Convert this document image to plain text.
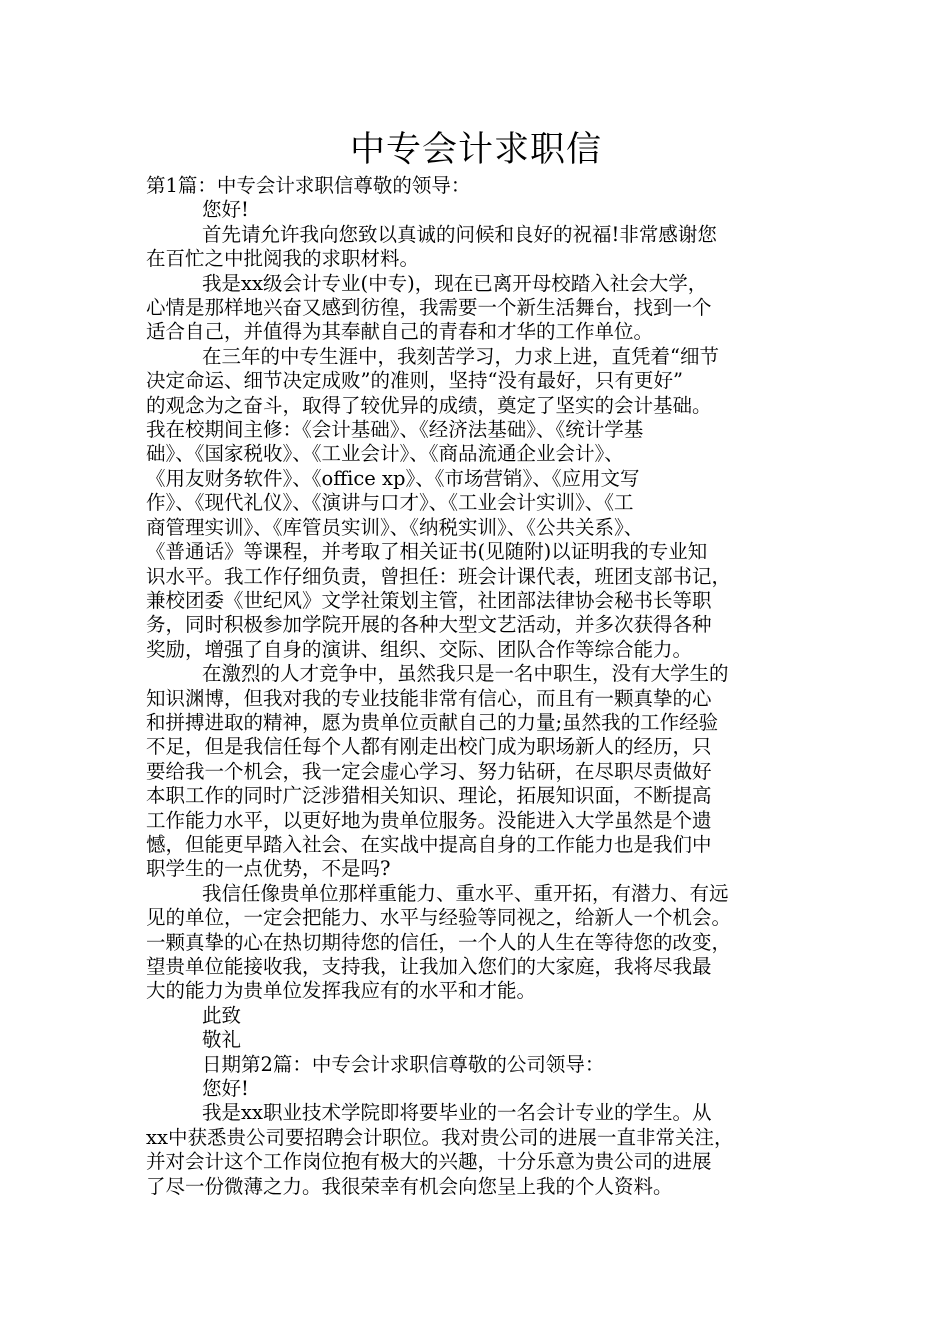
中专会计求职信
第1篇：中专会计求职信尊敬的领导：
您好!
首先请允许我向您致以真诚的问候和良好的祝福!非常感谢您
在百忙之中批阅我的求职材料。
我是xx级会计专业(中专)，现在已离开母校踏入社会大学，
心情是那样地兴奋又感到彷徨，我需要一个新生活舞台，找到一个
适合自己，并值得为其奉献自己的青春和才华的工作单位。
在三年的中专生涯中，我刻苦学习，力求上进，直凭着“细节
决定命运、细节决定成败”的准则，坚持“没有最好，只有更好”
的观念为之奋斗，取得了较优异的成绩，奠定了坚实的会计基础。
我在校期间主修：《会计基础》、《经济法基础》、《统计学基
础》、《国家税收》、《工业会计》、《商品流通企业会计》、
《用友财务软件》、《office xp》、《市场营销》、《应用文写
作》、《现代礼仪》、《演讲与口才》、《工业会计实训》、《工
商管理实训》、《库管员实训》、《纳税实训》、《公共关系》、
《普通话》等课程，并考取了相关证书(见随附)以证明我的专业知
识水平。我工作仔细负责，曾担任：班会计课代表，班团支部书记，
兼校团委《世纪风》文学社策划主管，社团部法律协会秘书长等职
务，同时积极参加学院开展的各种大型文艺活动，并多次获得各种
奖励，增强了自身的演讲、组织、交际、团队合作等综合能力。
在激烈的人才竞争中，虽然我只是一名中职生，没有大学生的
知识渊博，但我对我的专业技能非常有信心，而且有一颗真挚的心
和拼搏进取的精神，愿为贵单位贡献自己的力量;虽然我的工作经验
不足，但是我信任每个人都有刚走出校门成为职场新人的经历，只
要给我一个机会，我一定会虚心学习、努力钻研，在尽职尽责做好
本职工作的同时广泛涉猎相关知识、理论，拓展知识面，不断提高
工作能力水平，以更好地为贵单位服务。没能进入大学虽然是个遗
憾，但能更早踏入社会、在实战中提高自身的工作能力也是我们中
职学生的一点优势，不是吗?
我信任像贵单位那样重能力、重水平、重开拓，有潜力、有远
见的单位，一定会把能力、水平与经验等同视之，给新人一个机会。
一颗真挚的心在热切期待您的信任，一个人的人生在等待您的改变，
望贵单位能接收我，支持我，让我加入您们的大家庭，我将尽我最
大的能力为贵单位发挥我应有的水平和才能。
此致
敬礼
日期第2篇：中专会计求职信尊敬的公司领导：
您好!
我是xx职业技术学院即将要毕业的一名会计专业的学生。从
xx中获悉贵公司要招聘会计职位。我对贵公司的进展一直非常关注，
并对会计这个工作岗位抱有极大的兴趣，十分乐意为贵公司的进展
了尽一份微薄之力。我很荣幸有机会向您呈上我的个人资料。
